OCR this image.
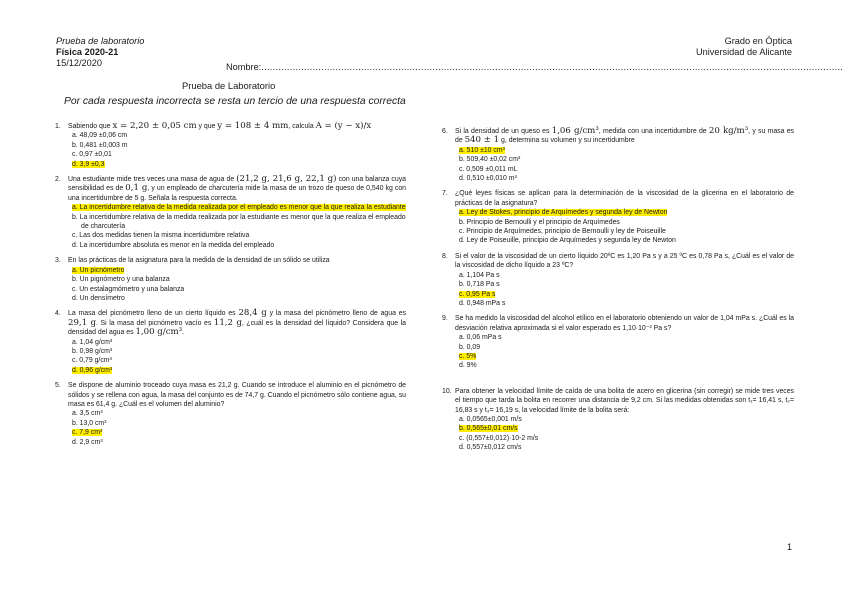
Prueba de laboratorio
Física 2020-21
15/12/2020
Grado en Óptica
Universidad de Alicante
Nombre:............................................................................................................................................................................................................
Prueba de Laboratorio
Por cada respuesta incorrecta se resta un tercio de una respuesta correcta
1. Sabiendo que x = 2,20 ± 0,05 cm y que y = 108 ± 4 mm, calcula A = (y − x)/x
a. 48,09 ±0,06 cm
b. 0,481 ±0,003 m
c. 0,97 ±0,01
d. 3,9 ±0,3
2. Una estudiante mide tres veces una masa de agua de (21,2 g, 21,6 g, 22,1 g) con una balanza cuya sensibilidad es de 0,1 g, y un empleado de charcutería mide la masa de un trozo de queso de 0,540 kg con una incertidumbre de 5 g. Señala la respuesta correcta.
a. La incertidumbre relativa de la medida realizada por el empleado es menor que la que realiza la estudiante
b. La incertidumbre relativa de la medida realizada por la estudiante es menor que la que realiza el empleado de charcutería
c. Las dos medidas tienen la misma incertidumbre relativa
d. La incertidumbre absoluta es menor en la medida del empleado
3. En las prácticas de la asignatura para la medida de la densidad de un sólido se utiliza
a. Un picnómetro
b. Un pignómetro y una balanza
c. Un estalagmómetro y una balanza
d. Un densímetro
4. La masa del picnómetro lleno de un cierto líquido es 28,4 g y la masa del picnómetro lleno de agua es 29,1 g. Si la masa del picnómetro vacío es 11,2 g, ¿cuál es la densidad del líquido? Considera que la densidad del agua es 1,00 g/cm³.
a. 1,04 g/cm³
b. 0,98 g/cm³
c. 0,79 g/cm³
d. 0,96 g/cm³
5. Se dispone de aluminio troceado cuya masa es 21,2 g. Cuando se introduce el aluminio en el picnómetro de sólidos y se rellena con agua, la masa del conjunto es de 74,7 g. Cuando el picnómetro sólo contiene agua, su masa es 61,4 g. ¿Cuál es el volumen del aluminio?
a. 3,5 cm³
b. 13,0 cm³
c. 7,9 cm³
d. 2,9 cm³
6. Si la densidad de un queso es 1,06 g/cm³, medida con una incertidumbre de 20 kg/m³, y su masa es de 540 ± 1 g, determina su volumen y su incertidumbre
a. 510 ±10 cm³
b. 509,40 ±0,02 cm³
c. 0,509 ±0,011 mL
d. 0,510 ±0,010 m³
7. ¿Qué leyes físicas se aplican para la determinación de la viscosidad de la glicerina en el laboratorio de prácticas de la asignatura?
a. Ley de Stokes, principio de Arquímedes y segunda ley de Newton
b. Principio de Bernoulli y el principio de Arquímedes
c. Principio de Arquímedes, principio de Bernoulli y ley de Poiseuille
d. Ley de Poiseuille, principio de Arquímedes y segunda ley de Newton
8. Si el valor de la viscosidad de un cierto líquido 20ºC es 1,20 Pa s y a 25 ºC es 0,78 Pa s, ¿Cuál es el valor de la viscosidad de dicho líquido a 23 ºC?
a. 1,104 Pa s
b. 0,718 Pa s
c. 0,95 Pa s
d. 0,948 mPa s
9. Se ha medido la viscosidad del alcohol etílico en el laboratorio obteniendo un valor de 1,04 mPa s. ¿Cuál es la desviación relativa aproximada si el valor esperado es 1,10·10⁻³ Pa s?
a. 0,06 mPa s
b. 0,09
c. 5%
d. 9%
10. Para obtener la velocidad límite de caída de una bolita de acero en glicerina (sin corregir) se mide tres veces el tiempo que tarda la bolita en recorrer una distancia de 9,2 cm. Si las medidas obtenidas son t₁= 16,41 s, t₂= 16,83 s y t₃= 16,19 s, la velocidad límite de la bolita será:
a. 0,0565±0,001 m/s
b. 0,565±0,01 cm/s
c. (0,557±0,012)·10-2 m/s
d. 0,557±0,012 cm/s
1
